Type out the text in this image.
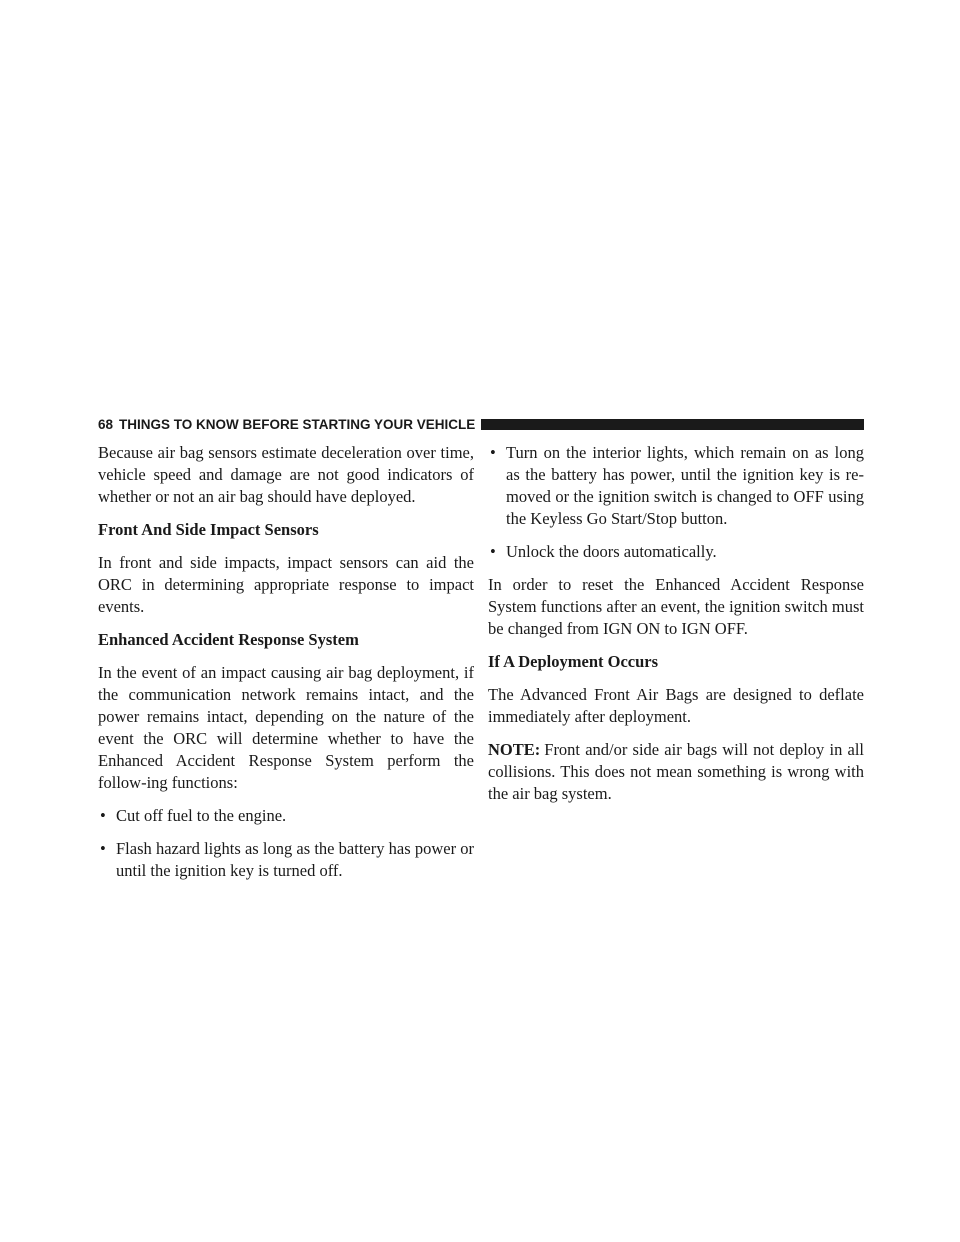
68 THINGS TO KNOW BEFORE STARTING YOUR VEHICLE

Because air bag sensors estimate deceleration over time, vehicle speed and damage are not good indicators of whether or not an air bag should have deployed.

Front And Side Impact Sensors

In front and side impacts, impact sensors can aid the ORC in determining appropriate response to impact events.

Enhanced Accident Response System

In the event of an impact causing air bag deployment, if the communication network remains intact, and the power remains intact, depending on the nature of the event the ORC will determine whether to have the Enhanced Accident Response System perform the follow-ing functions:

• Cut off fuel to the engine.
• Flash hazard lights as long as the battery has power or until the ignition key is turned off.
• Turn on the interior lights, which remain on as long as the battery has power, until the ignition key is re-moved or the ignition switch is changed to OFF using the Keyless Go Start/Stop button.
• Unlock the doors automatically.

In order to reset the Enhanced Accident Response System functions after an event, the ignition switch must be changed from IGN ON to IGN OFF.

If A Deployment Occurs

The Advanced Front Air Bags are designed to deflate immediately after deployment.

NOTE: Front and/or side air bags will not deploy in all collisions. This does not mean something is wrong with the air bag system.
